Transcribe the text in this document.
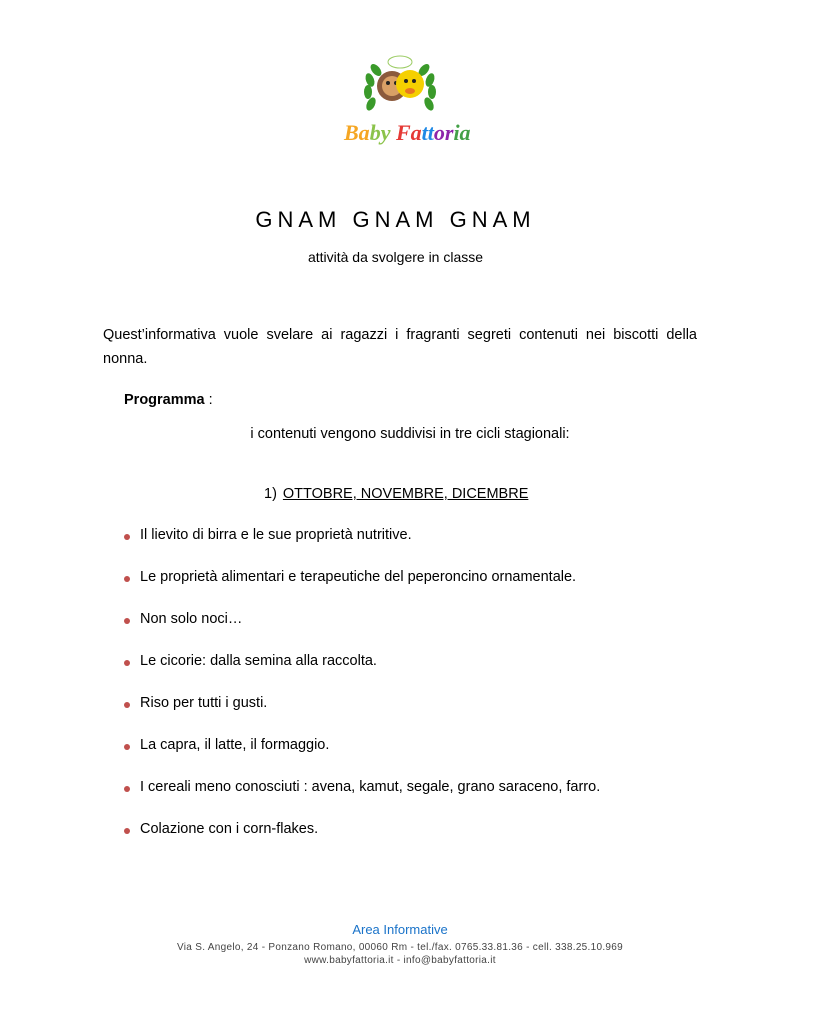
Baby Fattoria
GNAM GNAM GNAM
attività da svolgere in classe
Quest’informativa vuole svelare ai ragazzi i fragranti segreti contenuti nei biscotti della nonna.
Programma :
i contenuti vengono suddivisi in tre cicli stagionali:
1) OTTOBRE, NOVEMBRE, DICEMBRE
Il lievito di birra e le sue proprietà nutritive.
Le proprietà alimentari e terapeutiche del peperoncino ornamentale.
Non solo noci…
Le cicorie: dalla semina alla raccolta.
Riso per tutti i gusti.
La capra, il latte, il formaggio.
I cereali meno conosciuti : avena, kamut, segale, grano saraceno, farro.
Colazione con i corn-flakes.
Area Informative
Via S. Angelo, 24 - Ponzano Romano, 00060 Rm - tel./fax. 0765.33.81.36 - cell. 338.25.10.969
www.babyfattoria.it - info@babyfattoria.it
